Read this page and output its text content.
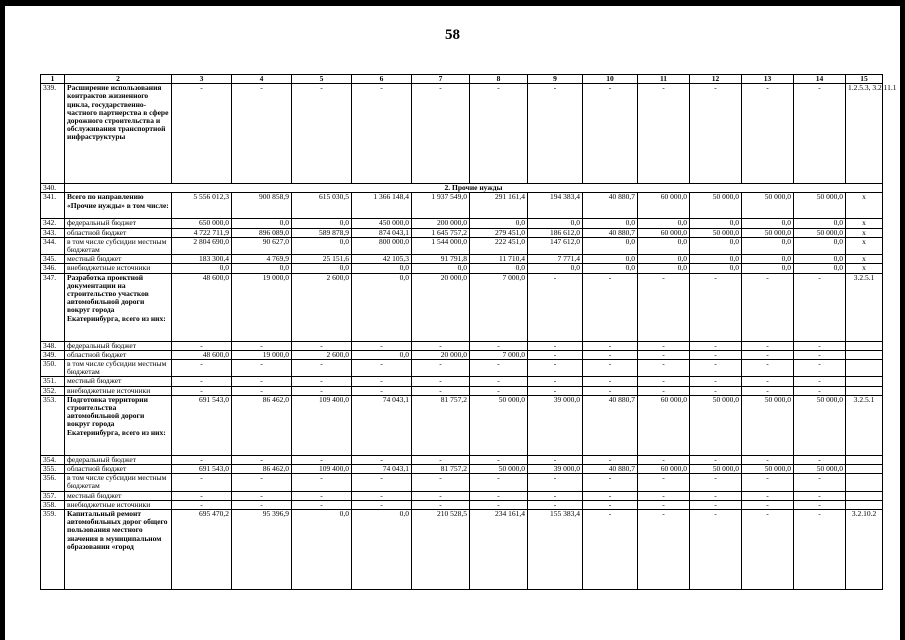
58
1	2	3	4	5	6	7	8	9	10	11	12	13	14	15
339.	Расширение использования контрактов жизненного цикла, государственно-частного партнерства в сфере дорожного строительства и обслуживания транспортной инфраструктуры	-	-	-	-	-	-	-	-	-	-	-	-	1.2.5.3, 3.2.11.1
340.	2. Прочие нужды													
341.	Всего по направлению «Прочие нужды» в том числе:	5 556 012,3	900 858,9	615 030,5	1 366 148,4	1 937 549,0	291 161,4	194 383,4	40 880,7	60 000,0	50 000,0	50 000,0	50 000,0	x
342.	федеральный бюджет	650 000,0	0,0	0,0	450 000,0	200 000,0	0,0	0,0	0,0	0,0	0,0	0,0	0,0	x
343.	областной бюджет	4 722 711,9	896 089,0	589 878,9	874 043,1	1 645 757,2	279 451,0	186 612,0	40 880,7	60 000,0	50 000,0	50 000,0	50 000,0	x
344.	в том числе субсидии местным бюджетам	2 804 690,0	90 627,0	0,0	800 000,0	1 544 000,0	222 451,0	147 612,0	0,0	0,0	0,0	0,0	0,0	x
345.	местный бюджет	183 300,4	4 769,9	25 151,6	42 105,3	91 791,8	11 710,4	7 771,4	0,0	0,0	0,0	0,0	0,0	x
346.	внебюджетные источники	0,0	0,0	0,0	0,0	0,0	0,0	0,0	0,0	0,0	0,0	0,0	0,0	x
347.	Разработка проектной документации на строительство участков автомобильной дороги вокруг города Екатеринбурга, всего из них:	48 600,0	19 000,0	2 600,0	0,0	20 000,0	7 000,0	-	-	-	-	-	-	3.2.5.1
348.	федеральный бюджет	-	-	-	-	-	-	-	-	-	-	-	-	
349.	областной бюджет	48 600,0	19 000,0	2 600,0	0,0	20 000,0	7 000,0	-	-	-	-	-	-	
350.	в том числе субсидии местным бюджетам	-	-	-	-	-	-	-	-	-	-	-	-	
351.	местный бюджет	-	-	-	-	-	-	-	-	-	-	-	-	
352.	внебюджетные источники	-	-	-	-	-	-	-	-	-	-	-	-	
353.	Подготовка территории строительства автомобильной дороги вокруг города Екатеринбурга, всего из них:	691 543,0	86 462,0	109 400,0	74 043,1	81 757,2	50 000,0	39 000,0	40 880,7	60 000,0	50 000,0	50 000,0	50 000,0	3.2.5.1
354.	федеральный бюджет	-	-	-	-	-	-	-	-	-	-	-	-	
355.	областной бюджет	691 543,0	86 462,0	109 400,0	74 043,1	81 757,2	50 000,0	39 000,0	40 880,7	60 000,0	50 000,0	50 000,0	50 000,0	
356.	в том числе субсидии местным бюджетам	-	-	-	-	-	-	-	-	-	-	-	-	
357.	местный бюджет	-	-	-	-	-	-	-	-	-	-	-	-	
358.	внебюджетные источники	-	-	-	-	-	-	-	-	-	-	-	-	
359.	Капитальный ремонт автомобильных дорог общего пользования местного значения в муниципальном образовании «город	695 470,2	95 396,9	0,0	0,0	210 528,5	234 161,4	155 383,4	-	-	-	-	-	3.2.10.2
